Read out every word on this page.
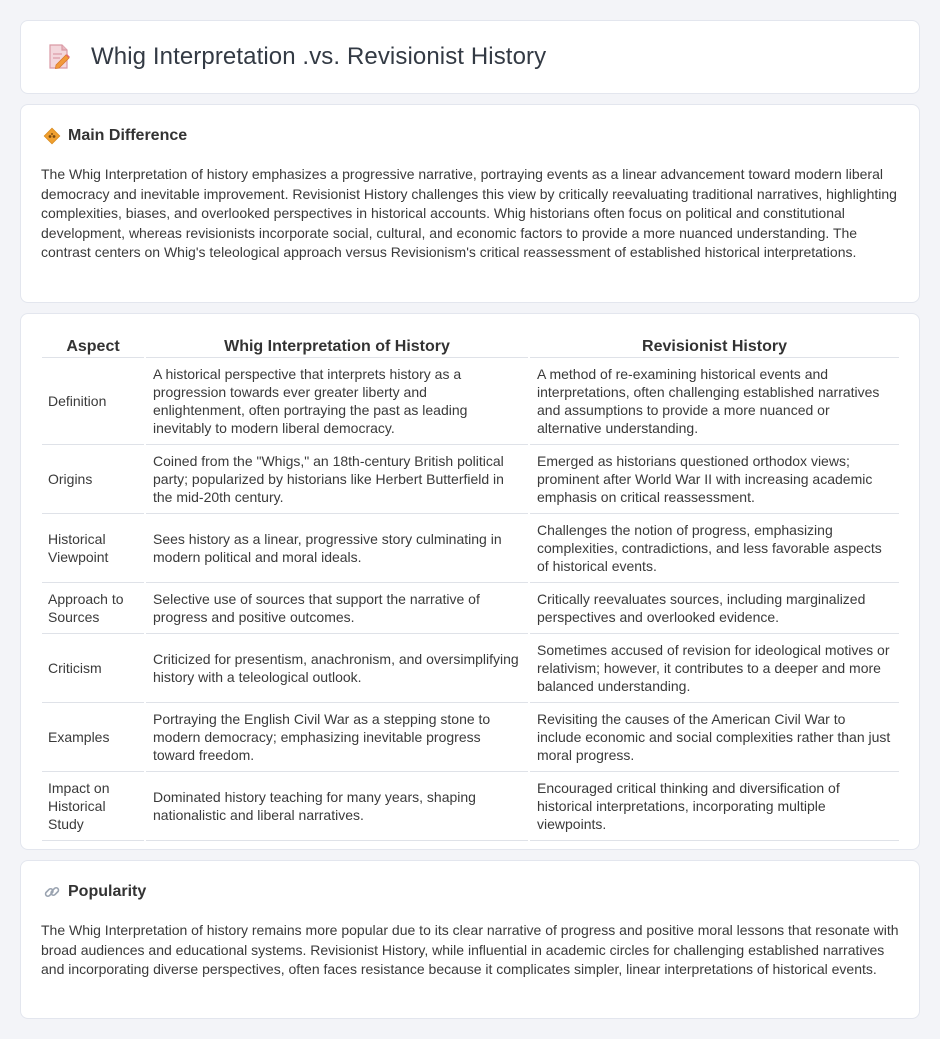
Whig Interpretation .vs. Revisionist History
Main Difference

The Whig Interpretation of history emphasizes a progressive narrative, portraying events as a linear advancement toward modern liberal democracy and inevitable improvement. Revisionist History challenges this view by critically reevaluating traditional narratives, highlighting complexities, biases, and overlooked perspectives in historical accounts. Whig historians often focus on political and constitutional development, whereas revisionists incorporate social, cultural, and economic factors to provide a more nuanced understanding. The contrast centers on Whig's teleological approach versus Revisionism's critical reassessment of established historical interpretations.

Aspect	Whig Interpretation of History	Revisionist History
Definition	A historical perspective that interprets history as a progression towards ever greater liberty and enlightenment, often portraying the past as leading inevitably to modern liberal democracy.	A method of re-examining historical events and interpretations, often challenging established narratives and assumptions to provide a more nuanced or alternative understanding.
Origins	Coined from the "Whigs," an 18th-century British political party; popularized by historians like Herbert Butterfield in the mid-20th century.	Emerged as historians questioned orthodox views; prominent after World War II with increasing academic emphasis on critical reassessment.
Historical Viewpoint	Sees history as a linear, progressive story culminating in modern political and moral ideals.	Challenges the notion of progress, emphasizing complexities, contradictions, and less favorable aspects of historical events.
Approach to Sources	Selective use of sources that support the narrative of progress and positive outcomes.	Critically reevaluates sources, including marginalized perspectives and overlooked evidence.
Criticism	Criticized for presentism, anachronism, and oversimplifying history with a teleological outlook.	Sometimes accused of revision for ideological motives or relativism; however, it contributes to a deeper and more balanced understanding.
Examples	Portraying the English Civil War as a stepping stone to modern democracy; emphasizing inevitable progress toward freedom.	Revisiting the causes of the American Civil War to include economic and social complexities rather than just moral progress.
Impact on Historical Study	Dominated history teaching for many years, shaping nationalistic and liberal narratives.	Encouraged critical thinking and diversification of historical interpretations, incorporating multiple viewpoints.
Popularity

The Whig Interpretation of history remains more popular due to its clear narrative of progress and positive moral lessons that resonate with broad audiences and educational systems. Revisionist History, while influential in academic circles for challenging established narratives and incorporating diverse perspectives, often faces resistance because it complicates simpler, linear interpretations of historical events.
